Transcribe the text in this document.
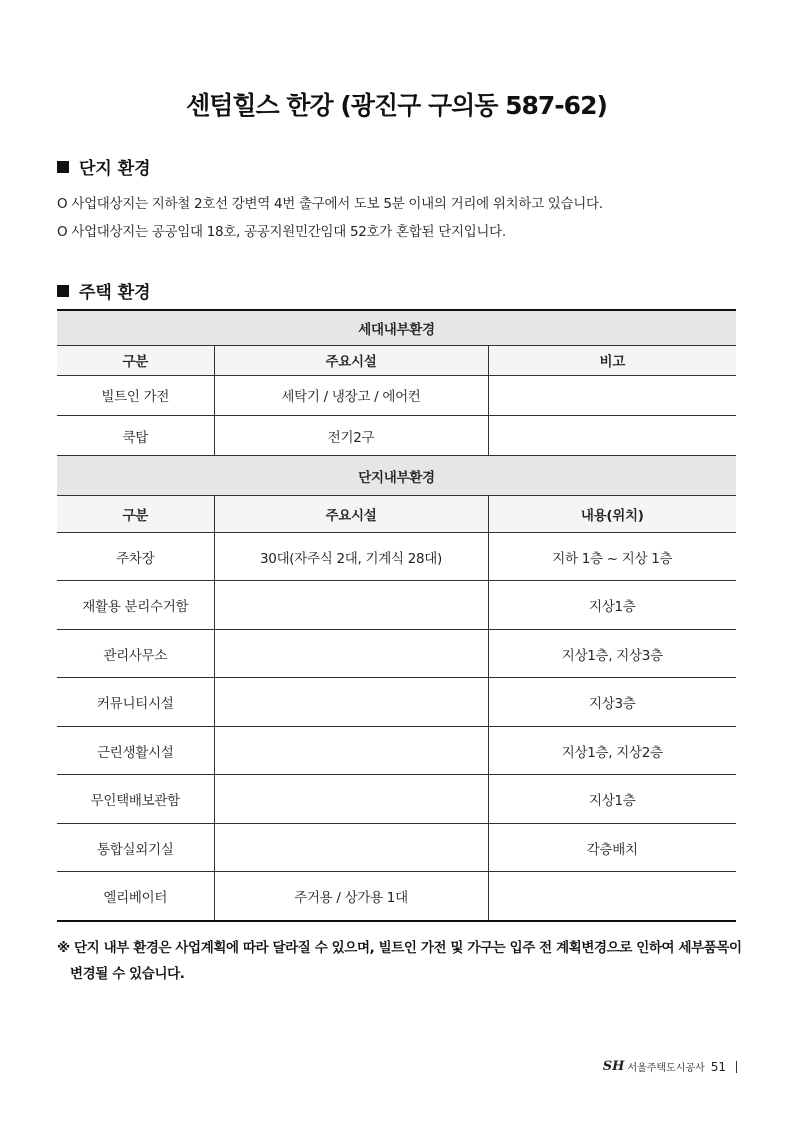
센텀힐스 한강 (광진구 구의동 587-62)
단지 환경
O 사업대상지는 지하철 2호선 강변역 4번 출구에서 도보 5분 이내의 거리에 위치하고 있습니다.
O 사업대상지는 공공임대 18호, 공공지원민간임대 52호가 혼합된 단지입니다.
주택 환경
세대내부환경		
구분	주요시설	비고
빌트인 가전	세탁기 / 냉장고 / 에어컨	
쿡탑	전기2구	
단지내부환경		
구분	주요시설	내용(위치)
주차장	30대(자주식 2대, 기계식 28대)	지하 1층 ~ 지상 1층
재활용 분리수거함		지상1층
관리사무소		지상1층, 지상3층
커뮤니티시설		지상3층
근린생활시설		지상1층, 지상2층
무인택배보관함		지상1층
통합실외기실		각층배치
엘리베이터	주거용 / 상가용 1대	
※ 단지 내부 환경은 사업계획에 따라 달라질 수 있으며, 빌트인 가전 및 가구는 입주 전 계획변경으로 인하여 세부품목이
변경될 수 있습니다.
SH 서울주택도시공사 51
